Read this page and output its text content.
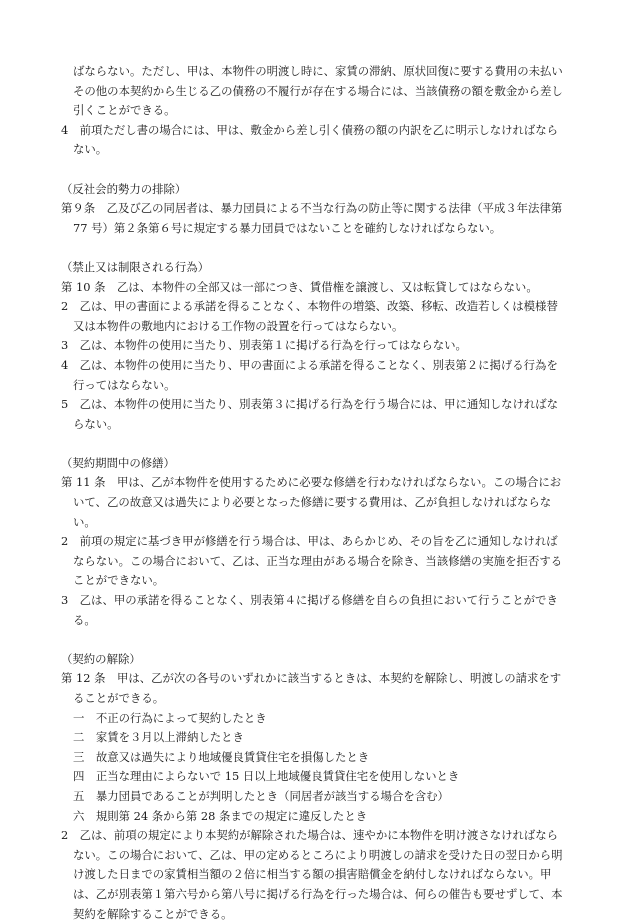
ばならない。ただし、甲は、本物件の明渡し時に、家賃の滞納、原状回復に要する費用の未払いその他の本契約から生じる乙の債務の不履行が存在する場合には、当該債務の額を敷金から差し引くことができる。

4　 前項ただし書の場合には、甲は、敷金から差し引く債務の額の内訳を乙に明示しなければならない。

（反社会的勢力の排除）

第９条　 乙及び乙の同居者は、暴力団員による不当な行為の防止等に関する法律（平成３年法律第 77 号）第２条第６号に規定する暴力団員ではないことを確約しなければならない。

（禁止又は制限される行為）

第 10 条　 乙は、本物件の全部又は一部につき、賃借権を譲渡し、又は転貸してはならない。

2　 乙は、甲の書面による承諾を得ることなく、本物件の増築、改築、移転、改造若しくは模様替又は本物件の敷地内における工作物の設置を行ってはならない。

3　 乙は、本物件の使用に当たり、別表第１に掲げる行為を行ってはならない。

4　 乙は、本物件の使用に当たり、甲の書面による承諾を得ることなく、別表第２に掲げる行為を行ってはならない。

5　 乙は、本物件の使用に当たり、別表第３に掲げる行為を行う場合には、甲に通知しなければならない。

（契約期間中の修繕）

第 11 条　 甲は、乙が本物件を使用するために必要な修繕を行わなければならない。この場合において、乙の故意又は過失により必要となった修繕に要する費用は、乙が負担しなければならない。

2　 前項の規定に基づき甲が修繕を行う場合は、甲は、あらかじめ、その旨を乙に通知しなければならない。この場合において、乙は、正当な理由がある場合を除き、当該修繕の実施を拒否することができない。

3　 乙は、甲の承諾を得ることなく、別表第４に掲げる修繕を自らの負担において行うことができる。

（契約の解除）

第 12 条　 甲は、乙が次の各号のいずれかに該当するときは、本契約を解除し、明渡しの請求をすることができる。

一　 不正の行為によって契約したとき

二　 家賃を３月以上滞納したとき

三　 故意又は過失により地域優良賃貸住宅を損傷したとき

四　 正当な理由によらないで 15 日以上地域優良賃貸住宅を使用しないとき

五　 暴力団員であることが判明したとき（同居者が該当する場合を含む）

六　 規則第 24 条から第 28 条までの規定に違反したとき

2　 乙は、前項の規定により本契約が解除された場合は、速やかに本物件を明け渡さなければならない。この場合において、乙は、甲の定めるところにより明渡しの請求を受けた日の翌日から明け渡した日までの家賃相当額の２倍に相当する額の損害賠償金を納付しなければならない。甲は、乙が別表第１第六号から第八号に掲げる行為を行った場合は、何らの催告も要せずして、本契約を解除することができる。
